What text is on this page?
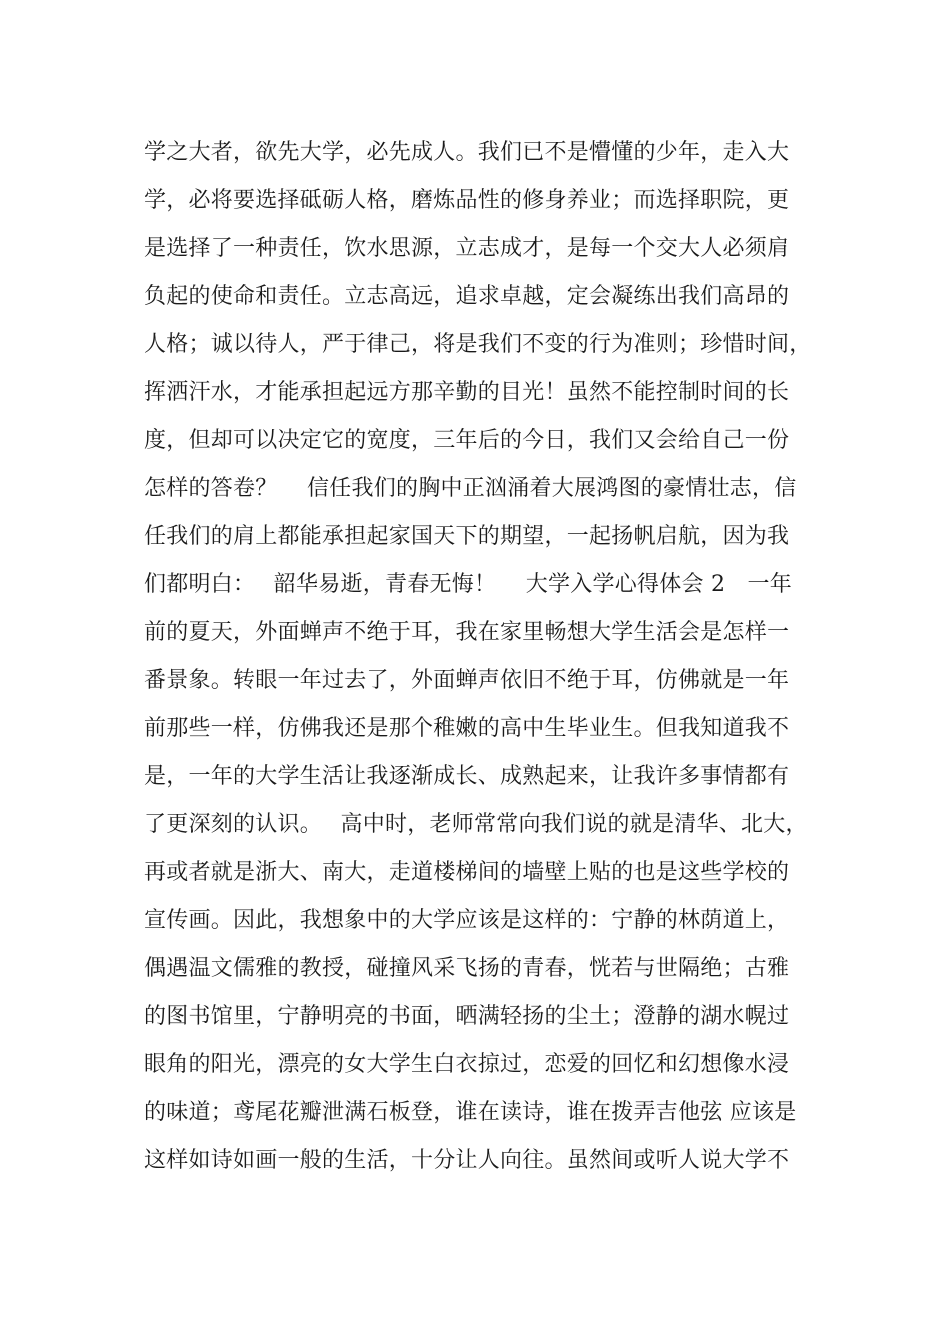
学之大者，欲先大学，必先成人。我们已不是懵懂的少年，走入大
学，必将要选择砥砺人格，磨炼品性的修身养业；而选择职院，更
是选择了一种责任，饮水思源，立志成才，是每一个交大人必须肩
负起的使命和责任。立志高远，追求卓越，定会凝练出我们高昂的
人格；诚以待人，严于律己，将是我们不变的行为准则；珍惜时间，
挥洒汗水，才能承担起远方那辛勤的目光！虽然不能控制时间的长
度，但却可以决定它的宽度，三年后的今日，我们又会给自己一份
怎样的答卷？　 信任我们的胸中正汹涌着大展鸿图的豪情壮志，信
任我们的肩上都能承担起家国天下的期望，一起扬帆启航，因为我
们都明白：　 韶华易逝，青春无悔！　 大学入学心得体会 2　一年
前的夏天，外面蝉声不绝于耳，我在家里畅想大学生活会是怎样一
番景象。转眼一年过去了，外面蝉声依旧不绝于耳，仿佛就是一年
前那些一样，仿佛我还是那个稚嫩的高中生毕业生。但我知道我不
是，一年的大学生活让我逐渐成长、成熟起来，让我许多事情都有
了更深刻的认识。　 高中时，老师常常向我们说的就是清华、北大，
再或者就是浙大、南大，走道楼梯间的墙壁上贴的也是这些学校的
宣传画。因此，我想象中的大学应该是这样的：宁静的林荫道上，
偶遇温文儒雅的教授，碰撞风采飞扬的青春，恍若与世隔绝；古雅
的图书馆里，宁静明亮的书面，晒满轻扬的尘土；澄静的湖水幌过
眼角的阳光，漂亮的女大学生白衣掠过，恋爱的回忆和幻想像水浸
的味道；鸢尾花瓣泄满石板登，谁在读诗，谁在拨弄吉他弦 应该是
这样如诗如画一般的生活，十分让人向往。虽然间或听人说大学不
